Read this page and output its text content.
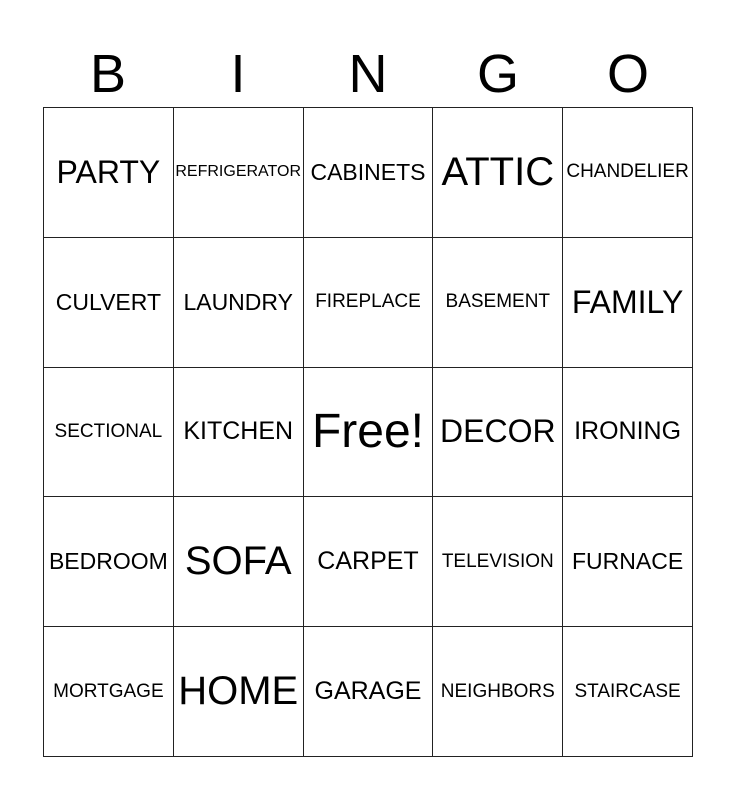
B	I	N	G	O
PARTY REFRIGERATOR CABINETS ATTIC CHANDELIER
CULVERT LAUNDRY FIREPLACE BASEMENT FAMILY
SECTIONAL KITCHEN Free! DECOR IRONING
BEDROOM SOFA CARPET TELEVISION FURNACE
MORTGAGE HOME GARAGE NEIGHBORS STAIRCASE
